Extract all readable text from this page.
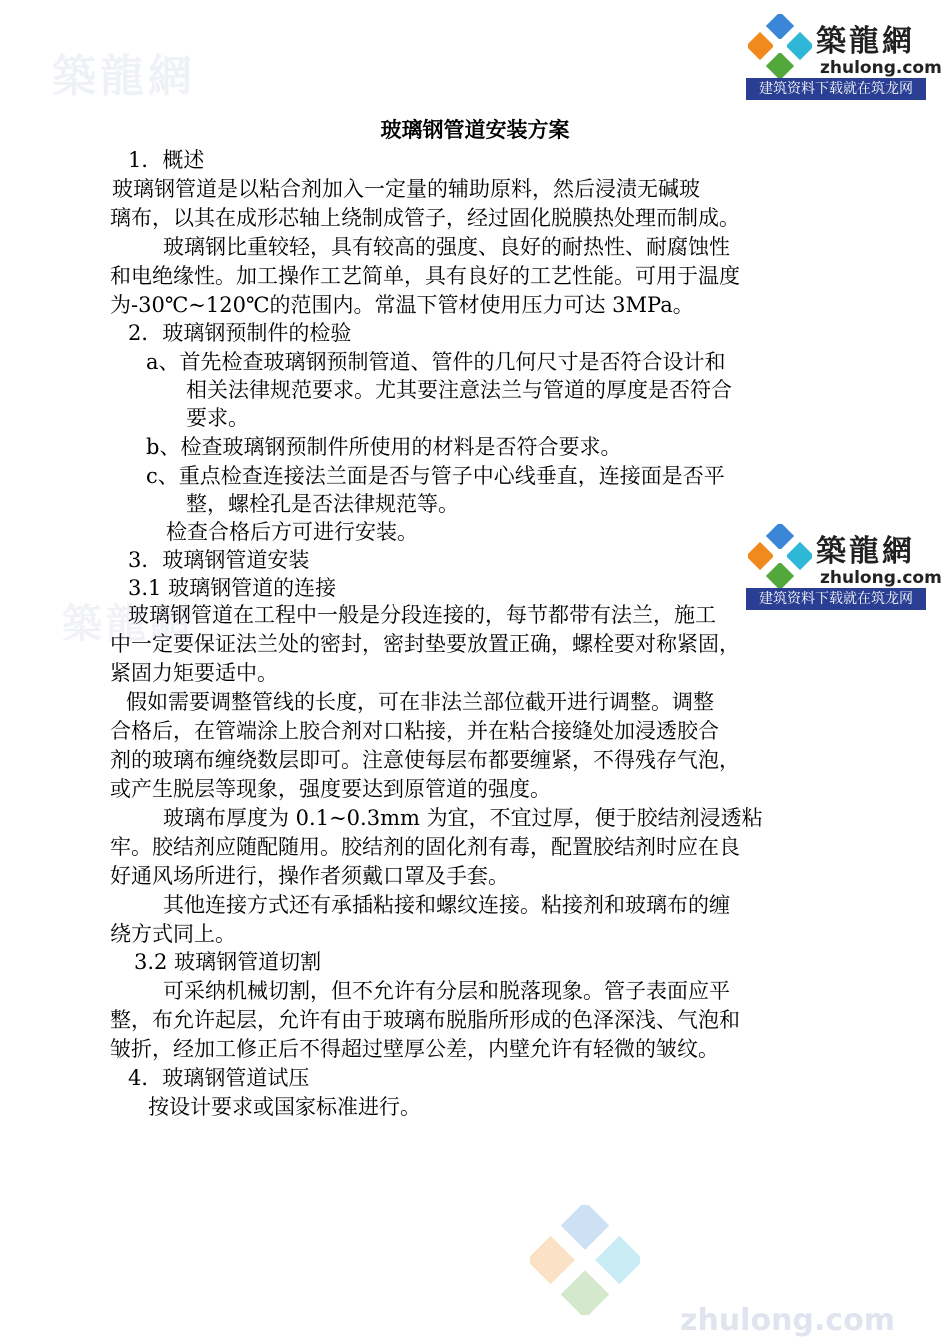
築龍網
築龍網
zhulong.com
築龍網
zhulong.com
建筑资料下载就在筑龙网
築龍網
zhulong.com
建筑资料下载就在筑龙网
玻璃钢管道安装方案

1．概述

玻璃钢管道是以粘合剂加入一定量的辅助原料，然后浸渍无碱玻

璃布，以其在成形芯轴上绕制成管子，经过固化脱膜热处理而制成。

玻璃钢比重较轻，具有较高的强度、良好的耐热性、耐腐蚀性

和电绝缘性。加工操作工艺简单，具有良好的工艺性能。可用于温度

为-30℃~120℃的范围内。常温下管材使用压力可达 3MPa。

2．玻璃钢预制件的检验

a、首先检查玻璃钢预制管道、管件的几何尺寸是否符合设计和

相关法律规范要求。尤其要注意法兰与管道的厚度是否符合

要求。

b、检查玻璃钢预制件所使用的材料是否符合要求。

c、重点检查连接法兰面是否与管子中心线垂直，连接面是否平

整，螺栓孔是否法律规范等。

检查合格后方可进行安装。

3．玻璃钢管道安装

3.1 玻璃钢管道的连接

玻璃钢管道在工程中一般是分段连接的，每节都带有法兰，施工

中一定要保证法兰处的密封，密封垫要放置正确，螺栓要对称紧固，

紧固力矩要适中。

假如需要调整管线的长度，可在非法兰部位截开进行调整。调整

合格后，在管端涂上胶合剂对口粘接，并在粘合接缝处加浸透胶合

剂的玻璃布缠绕数层即可。注意使每层布都要缠紧，不得残存气泡，

或产生脱层等现象，强度要达到原管道的强度。

玻璃布厚度为 0.1~0.3mm 为宜，不宜过厚，便于胶结剂浸透粘

牢。胶结剂应随配随用。胶结剂的固化剂有毒，配置胶结剂时应在良

好通风场所进行，操作者须戴口罩及手套。

其他连接方式还有承插粘接和螺纹连接。粘接剂和玻璃布的缠

绕方式同上。

3.2 玻璃钢管道切割

可采纳机械切割，但不允许有分层和脱落现象。管子表面应平

整，布允许起层，允许有由于玻璃布脱脂所形成的色泽深浅、气泡和

皱折，经加工修正后不得超过壁厚公差，内壁允许有轻微的皱纹。

4．玻璃钢管道试压

按设计要求或国家标准进行。
